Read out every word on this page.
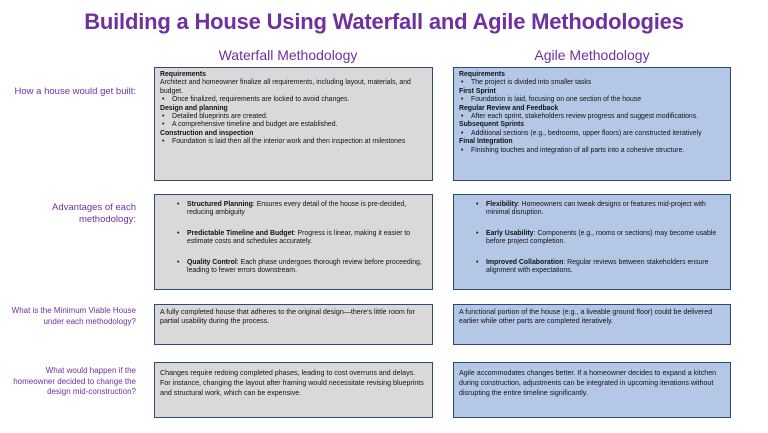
Building a House Using Waterfall and Agile Methodologies
Waterfall Methodology	Agile Methodology
How a house would get built:
Advantages of each methodology:
What is the Minimum Viable House under each methodology?
What would happen if the homeowner decided to change the design mid-construction?
Requirements
Architect and homeowner finalize all requirements, including layout, materials, and budget.
• Once finalized, requirements are locked to avoid changes.
Design and planning
• Detailed blueprints are created.
• A comprehensive timeline and budget are established.
Construction and inspection
• Foundation is laid then all the interior work and then inspection at milestones
Requirements
• The project is divided into smaller tasks
First Sprint
• Foundation is laid, focusing on one section of the house
Regular Review and Feedback
• After each sprint, stakeholders review progress and suggest modifications.
Subsequent Sprints
• Additional sections (e.g., bedrooms, upper floors) are constructed iteratively
Final Integration
• Finishing touches and integration of all parts into a cohesive structure.
• Structured Planning: Ensures every detail of the house is pre-decided, reducing ambiguity
• Predictable Timeline and Budget: Progress is linear, making it easier to estimate costs and schedules accurately.
• Quality Control: Each phase undergoes thorough review before proceeding, leading to fewer errors downstream.
• Flexibility: Homeowners can tweak designs or features mid-project with minimal disruption.
• Early Usability: Components (e.g., rooms or sections) may become usable before project completion.
• Improved Collaboration: Regular reviews between stakeholders ensure alignment with expectations.
A fully completed house that adheres to the original design—there’s little room for partial usability during the process.
A functional portion of the house (e.g., a liveable ground floor) could be delivered earlier while other parts are completed iteratively.
Changes require redoing completed phases, leading to cost overruns and delays. For instance, changing the layout after framing would necessitate revising blueprints and structural work, which can be expensive.
Agile accommodates changes better. If a homeowner decides to expand a kitchen during construction, adjustments can be integrated in upcoming iterations without disrupting the entire timeline significantly.
